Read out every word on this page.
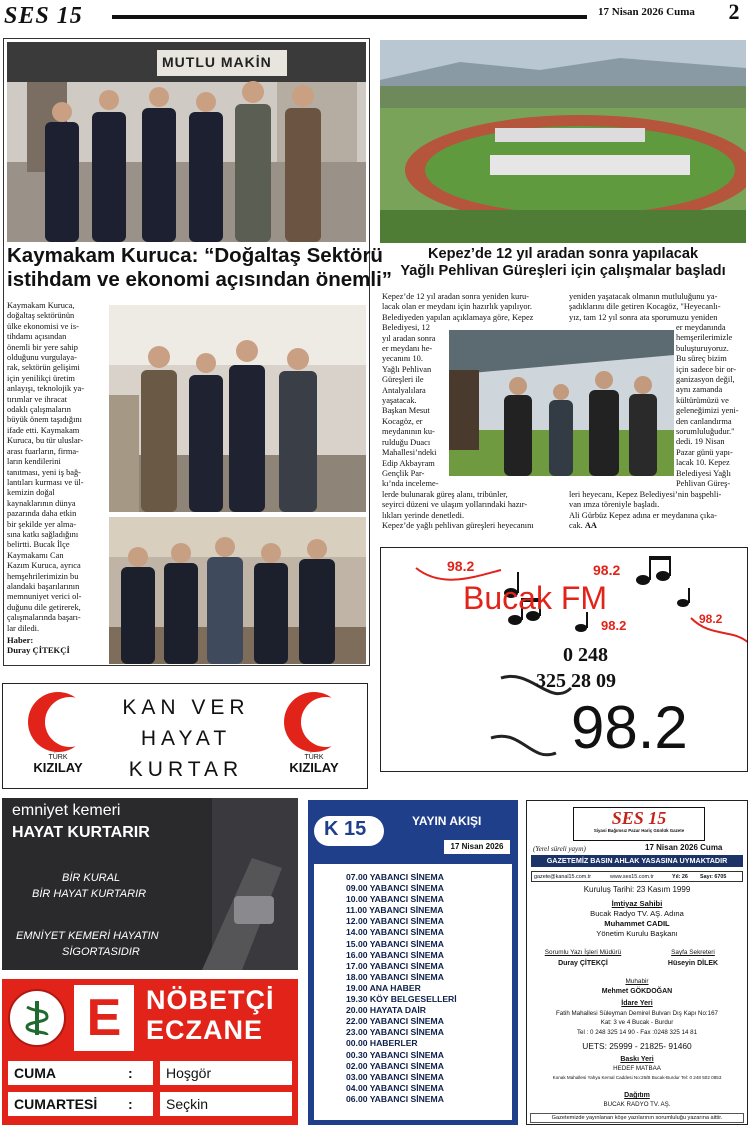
SES 15	17 Nisan 2026 Cuma	2
MUTLU MAKİN
Kaymakam Kuruca: “Doğaltaş Sektörü
istihdam ve ekonomi açısından önemli”
Kaymakam Kuruca,
doğaltaş sektörünün
ülke ekonomisi ve is-
tihdamı açısından
önemli bir yere sahip
olduğunu vurgulaya-
rak, sektörün gelişimi
için yenilikçi üretim
anlayışı, teknolojik ya-
tırımlar ve ihracat
odaklı çalışmaların
büyük önem taşıdığını
ifade etti. Kaymakam
Kuruca, bu tür uluslar-
arası fuarların, firma-
ların kendilerini
tanıtması, yeni iş bağ-
lantıları kurması ve ül-
kemizin doğal
kaynaklarının dünya
pazarında daha etkin
bir şekilde yer alma-
sına katkı sağladığını
belirtti. Bucak İlçe
Kaymakamı Can
Kazım Kuruca, ayrıca
hemşehrilerimizin bu
alandaki başarılarının
memnuniyet verici ol-
duğunu dile getirerek,
çalışmalarında başarı-
lar diledi.
Haber:
Duray ÇİTEKÇİ
Kepez’de 12 yıl aradan sonra yapılacak
Yağlı Pehlivan Güreşleri için çalışmalar başladı
Kepez’de 12 yıl aradan sonra yeniden kuru-
lacak olan er meydanı için hazırlık yapılıyor.
Belediyeden yapılan açıklamaya göre, Kepez
Belediyesi, 12
yıl aradan sonra
er meydanı he-
yecanını 10.
Yağlı Pehlivan
Güreşleri ile
Antalyalılara
yaşatacak.
Başkan Mesut
Kocagöz, er
meydanının ku-
rulduğu Duacı
Mahallesi’ndeki
Edip Akbayram
Gençlik Par-
kı’nda inceleme-
lerde bulunarak güreş alanı, tribünler,
seyirci düzeni ve ulaşım yollarındaki hazır-
lıkları yerinde denetledi.
Kepez’de yağlı pehlivan güreşleri heyecanını
yeniden yaşatacak olmanın mutluluğunu ya-
şadıklarını dile getiren Kocagöz, "Heyecanlı-
yız, tam 12 yıl sonra ata sporumuzu yeniden
er meydanında
hemşerilerimizle
buluşturuyoruz.
Bu süreç bizim
için sadece bir or-
ganizasyon değil,
aynı zamanda
kültürümüzü ve
geleneğimizi yeni-
den canlandırma
sorumluluğudur."
dedi. 19 Nisan
Pazar günü yapı-
lacak 10. Kepez
Belediyesi Yağlı
Pehlivan Güreş-
leri heyecanı, Kepez Belediyesi’nin başpehli-
van ımza töreniyle başladı.
Ali Gürbüz Kepez adına er meydanına çıka-
cak. AA
98.2	98.2
98.2	98.2
Bucak FM
0 248
325 28 09
98.2
TÜRK
KIZILAY
KAN VER
HAYAT
KURTAR
TÜRK
KIZILAY
emniyet kemeri
HAYAT KURTARIR
BİR KURAL
BİR HAYAT KURTARIR
EMNİYET KEMERİ HAYATIN
SİGORTASIDIR
E NÖBETÇİ
ECZANE
CUMA	:	Hoşgör
CUMARTESİ	:	Seçkin
K 15	YAYIN AKIŞI
17 Nisan 2026
07.00 YABANCI SİNEMA
09.00 YABANCI SİNEMA
10.00 YABANCI SİNEMA
11.00 YABANCI SİNEMA
12.00 YABANCI SİNEMA
14.00 YABANCI SİNEMA
15.00 YABANCI SİNEMA
16.00 YABANCI SİNEMA
17.00 YABANCI SİNEMA
18.00 YABANCI SİNEMA
19.00 ANA HABER
19.30 KÖY BELGESELLERİ
20.00 HAYATA DAİR
22.00 YABANCI SİNEMA
23.00 YABANCI SİNEMA
00.00 HABERLER
00.30 YABANCI SİNEMA
02.00 YABANCI SİNEMA
03.00 YABANCI SİNEMA
04.00 YABANCI SİNEMA
06.00 YABANCI SİNEMA
SES 15
Siyasi Bağımsız Pazar Hariç Günlük Gazete
(Yerel süreli yayın)	17 Nisan 2026 Cuma
GAZETEMİZ BASIN AHLAK YASASINA UYMAKTADIR
gazete@kanal15.com.tr	www.ses15.com.tr	Yıl: 26 Sayı: 6705
Kuruluş Tarihi: 23 Kasım 1999
İmtiyaz Sahibi
Bucak Radyo TV. AŞ. Adına
Muhammet CADIL
Yönetim Kurulu Başkanı
Sorumlu Yazı İşleri Müdürü
Duray ÇİTEKÇİ
Sayfa Sekreteri
Hüseyin DİLEK
Muhabir
Mehmet GÖKDOĞAN
İdare Yeri
Fatih Mahallesi Süleyman Demirel Bulvarı Dış Kapı No:167
Kat: 3 ve 4 Bucak - Burdur
Tel : 0 248 325 14 90 - Fax :0248 325 14 81
UETS: 25999 - 21825- 91460
Baskı Yeri
HEDEF MATBAA
Konak Mahallesi Yahya Kemal Caddesi No:26/B Bucak-Burdur Tel: 0 248 502 0853
Dağıtım
BUCAK RADYO TV. AŞ.
Gazetemizde yayınlanan köşe yazılarının sorumluluğu yazarına aittir.
